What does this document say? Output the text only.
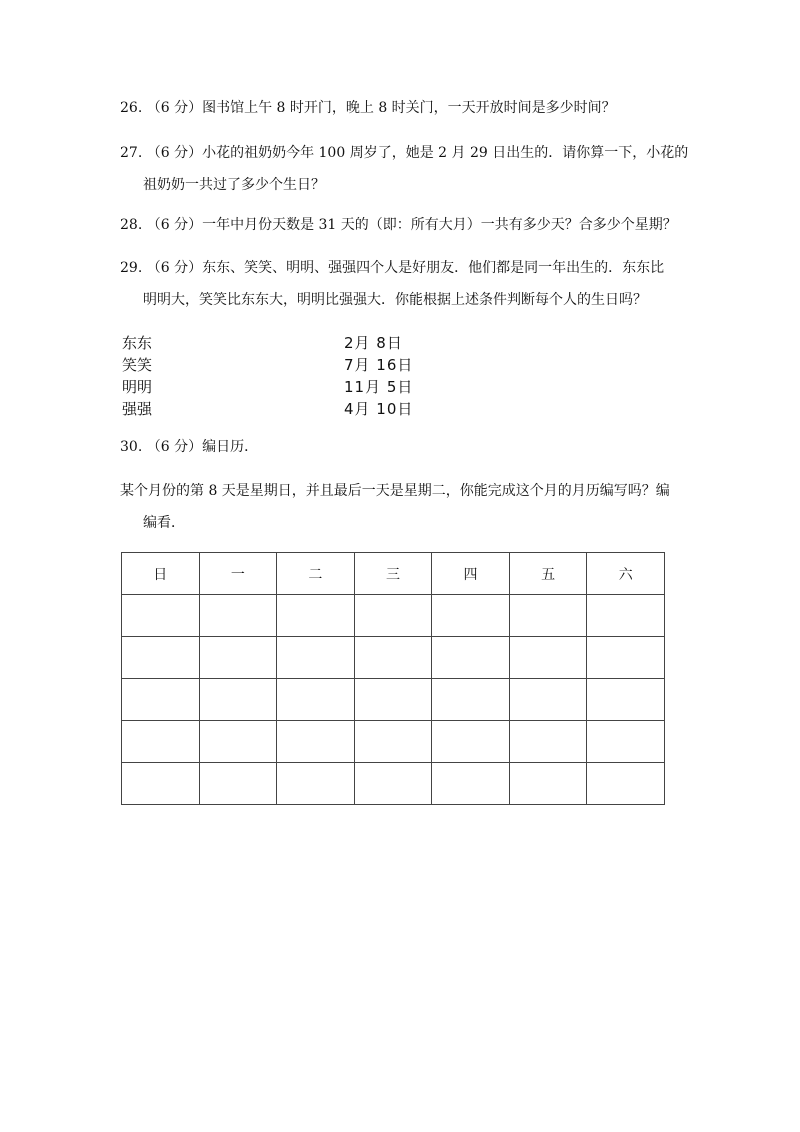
26. （6 分）图书馆上午 8 时开门，晚上 8 时关门，一天开放时间是多少时间？
27. （6 分）小花的祖奶奶今年 100 周岁了，她是 2 月 29 日出生的．请你算一下，小花的
祖奶奶一共过了多少个生日？
28. （6 分）一年中月份天数是 31 天的（即：所有大月）一共有多少天？合多少个星期？
29. （6 分）东东、笑笑、明明、强强四个人是好朋友．他们都是同一年出生的．东东比
明明大，笑笑比东东大，明明比强强大．你能根据上述条件判断每个人的生日吗？
东东	2月 8日
笑笑	7月 16日
明明	11月 5日
强强	4月 10日
30. （6 分）编日历．
某个月份的第 8 天是星期日，并且最后一天是星期二，你能完成这个月的月历编写吗？编
编看．
日	一	二	三	四	五	六
